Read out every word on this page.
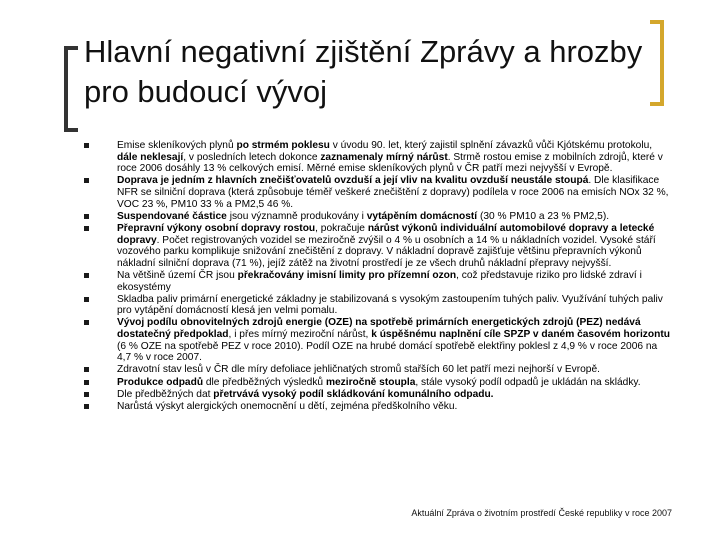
Hlavní negativní zjištění Zprávy a hrozby pro budoucí vývoj
Emise skleníkových plynů po strmém poklesu v úvodu 90. let, který zajistil splnění závazků vůči Kjótskému protokolu, dále neklesají, v posledních letech dokonce zaznamenaly mírný nárůst. Strmě rostou emise z mobilních zdrojů, které v roce 2006 dosáhly 13 % celkových emisí. Měrné emise skleníkových plynů v ČR patří mezi nejvyšší v Evropě.
Doprava je jedním z hlavních znečišťovatelů ovzduší a její vliv na kvalitu ovzduší neustále stoupá. Dle klasifikace NFR se silniční doprava (která způsobuje téměř veškeré znečištění z dopravy) podílela v roce 2006 na emisích NOx 32 %, VOC 23 %, PM10 33 % a PM2,5 46 %.
Suspendované částice jsou významně produkovány i vytápěním domácností (30 % PM10 a 23 % PM2,5).
Přepravní výkony osobní dopravy rostou, pokračuje nárůst výkonů individuální automobilové dopravy a letecké dopravy. Počet registrovaných vozidel se meziročně zvýšil o 4 % u osobních a 14 % u nákladních vozidel. Vysoké stáří vozového parku komplikuje snižování znečištění z dopravy. V nákladní dopravě zajišťuje většinu přepravních výkonů nákladní silniční doprava (71 %), jejíž zátěž na životní prostředí je ze všech druhů nákladní přepravy nejvyšší.
Na většině území ČR jsou překračovány imisní limity pro přízemní ozon, což představuje riziko pro lidské zdraví i ekosystémy
Skladba paliv primární energetické základny je stabilizovaná s vysokým zastoupením tuhých paliv. Využívání tuhých paliv pro vytápění domácností klesá jen velmi pomalu.
Vývoj podílu obnovitelných zdrojů energie (OZE) na spotřebě primárních energetických zdrojů (PEZ) nedává dostatečný předpoklad, i přes mírný meziroční nárůst, k úspěšnému naplnění cíle SPZP v daném časovém horizontu (6 % OZE na spotřebě PEZ v roce 2010). Podíl OZE na hrubé domácí spotřebě elektřiny poklesl z 4,9 % v roce 2006 na 4,7 % v roce 2007.
Zdravotní stav lesů v ČR dle míry defoliace jehličnatých stromů stařších 60 let patří mezi nejhorší v Evropě.
Produkce odpadů dle předběžných výsledků meziročně stoupla, stále vysoký podíl odpadů je ukládán na skládky.
Dle předběžných dat přetrvává vysoký podíl skládkování komunálního odpadu.
Narůstá výskyt alergických onemocnění u dětí, zejména předškolního věku.
Aktuální Zpráva o životním prostředí České republiky v roce 2007
